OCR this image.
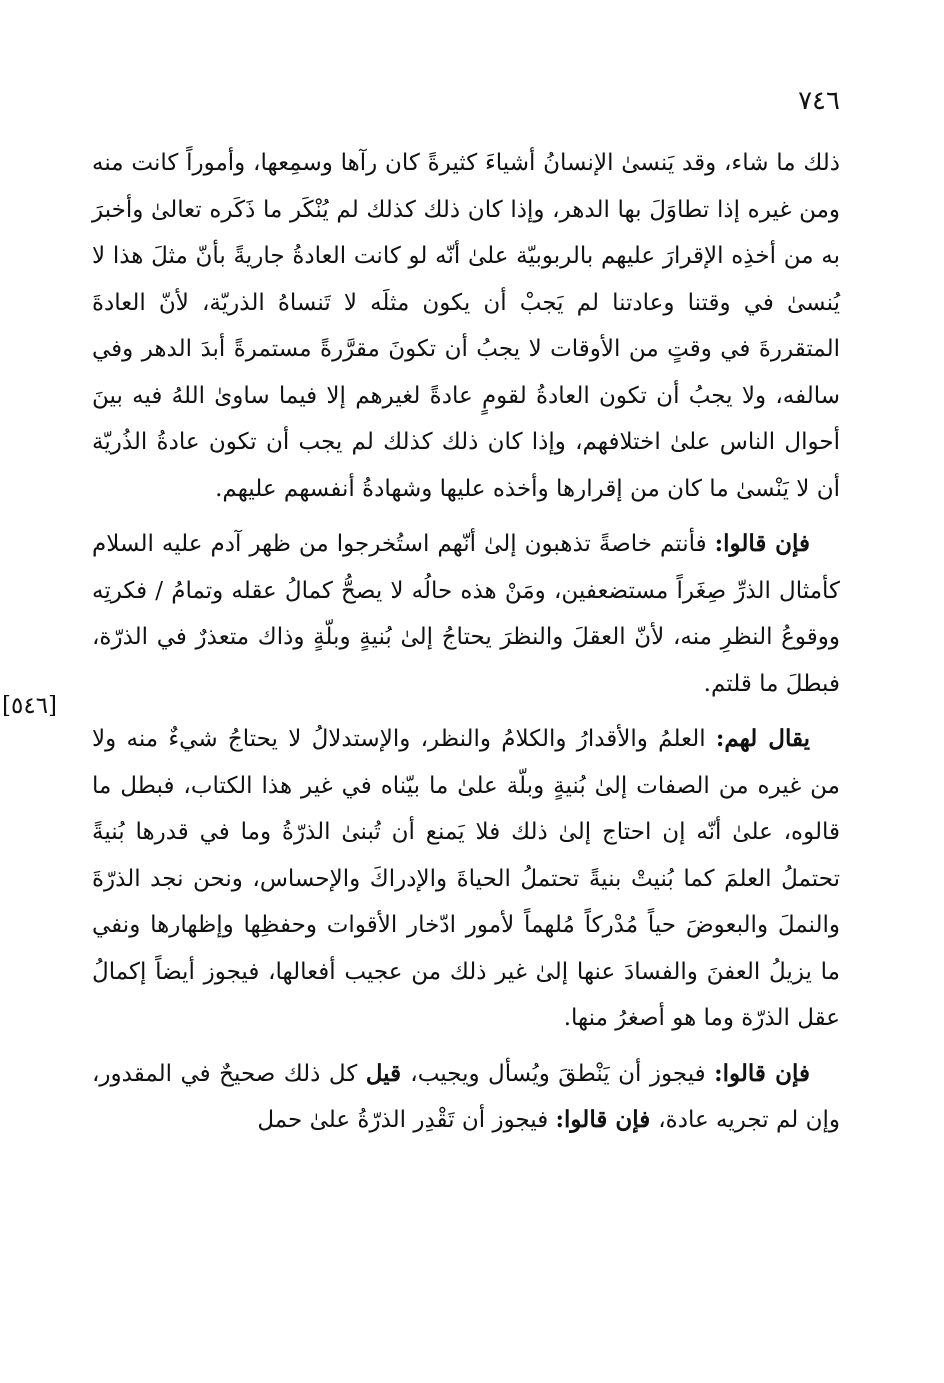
٧٤٦

ذلك ما شاء، وقد يَنسىٰ الإنسانُ أشياءَ كثيرةً كان رآها وسمِعها، وأموراً كانت منه ومن غيره إذا تطاوَلَ بها الدهر، وإذا كان ذلك كذلك لم يُنْكَر ما ذَكَره تعالىٰ وأخبرَ به من أخذِه الإقرارَ عليهم بالربوبيّة علىٰ أنّه لو كانت العادةُ جاريةً بأنّ مثلَ هذا لا يُنسىٰ في وقتنا وعادتنا لم يَجبْ أن يكون مثلَه لا تَنساهُ الذريّة، لأنّ العادةَ المتقررةَ في وقتٍ من الأوقات لا يجبُ أن تكونَ مقرَّرةً مستمرةً أبدَ الدهر وفي سالفه، ولا يجبُ أن تكون العادةُ لقومٍ عادةً لغيرهم إلا فيما ساوىٰ اللهُ فيه بينَ أحوال الناس علىٰ اختلافهم، وإذا كان ذلك كذلك لم يجب أن تكون عادةُ الذُريّة أن لا يَنْسىٰ ما كان من إقرارها وأخذه عليها وشهادةُ أنفسهم عليهم.

فإن قالوا: فأنتم خاصةً تذهبون إلىٰ أنّهم استُخرجوا من ظهر آدم عليه السلام كأمثال الذرِّ صِغَراً مستضعفين، ومَنْ هذه حالُه لا يصحُّ كمالُ عقله وتمامُ / فكرتِه ووقوعُ النظرِ منه، لأنّ العقلَ والنظرَ يحتاجُ إلىٰ بُنيةٍ وبلّةٍ وذاك متعذرٌ في الذرّة، فبطلَ ما قلتم.

يقال لهم: العلمُ والأقدارُ والكلامُ والنظر، والإستدلالُ لا يحتاجُ شيءٌ منه ولا من غيره من الصفات إلىٰ بُنيةٍ وبلّة علىٰ ما بيّناه في غير هذا الكتاب، فبطل ما قالوه، علىٰ أنّه إن احتاج إلىٰ ذلك فلا يَمنع أن تُبنىٰ الذرّةُ وما في قدرها بُنيةً تحتملُ العلمَ كما بُنيتْ بنيةً تحتملُ الحياةَ والإدراكَ والإحساس، ونحن نجد الذرّةَ والنملَ والبعوضَ حياً مُدْركاً مُلهماً لأمور ادّخار الأقوات وحفظِها وإظهارها ونفي ما يزيلُ العفنَ والفسادَ عنها إلىٰ غير ذلك من عجيب أفعالها، فيجوز أيضاً إكمالُ عقل الذرّة وما هو أصغرُ منها.

فإن قالوا: فيجوز أن يَنْطقَ ويُسأل ويجيب، قيل كل ذلك صحيحٌ في المقدور، وإن لم تجريه عادة، فإن قالوا: فيجوز أن تَقْدِر الذرّةُ علىٰ حمل

[٥٤٦]
